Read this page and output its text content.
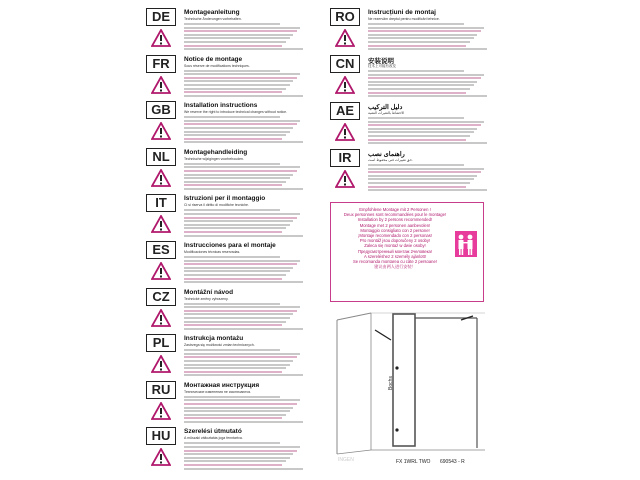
DE	Montageanleitung
Technische Änderungen vorbehalten.
FR	Notice de montage
Sous réserve de modifications techniques.
GB	Installation instructions
We reserve the right to introduce technical changes without notice.
NL	Montagehandleiding
Technische wijzigingen voorbehouden.
IT	Istruzioni per il montaggio
Ci si riserva il diritto di modifiche tecniche.
ES	Instrucciones para el montaje
Modificaciones técnicas reservadas.
CZ	Montážní návod
Technické změny vyhrazeny.
PL	Instrukcja montażu
Zastrzega się możliwość zmian technicznych.
RU	Монтажная инструкция
Технические изменения не исключаются.
HU	Szerelési útmutató
A műszaki változtatás joga fenntartva.
RO	Instrucțiuni de montaj
Ne rezervăm dreptul pentru modificări tehnice.
CN	安装说明
技术上可能有改变
AE	دليل التركيب
الاحتفاظ بالتغيرات التقنية
IR	راهنمای نصب
حق تغییرات فنی محفوظ است.
Empfohlene Montage mit 2 Personen !
Deux personnes sont recommandées pour le montage!
Installation by 2 persons recommended!
Montage met 2 personen aanbevolen!
Montaggio consigliato con 2 persone!
¡Montaje recomendado con 2 personas!
Pro montáž jsou doporučeny 2 osoby!
Zaleca się montaż w dwie osoby!
Предусмотренный монтаж 2человека!
A szereléshez 2 személy ajánlott!
Se recomanda montarea cu câte 2 persoane!
建议由两人进行安装！
Bochs
INGEN	FX 1WRL TWO 690543 - R
